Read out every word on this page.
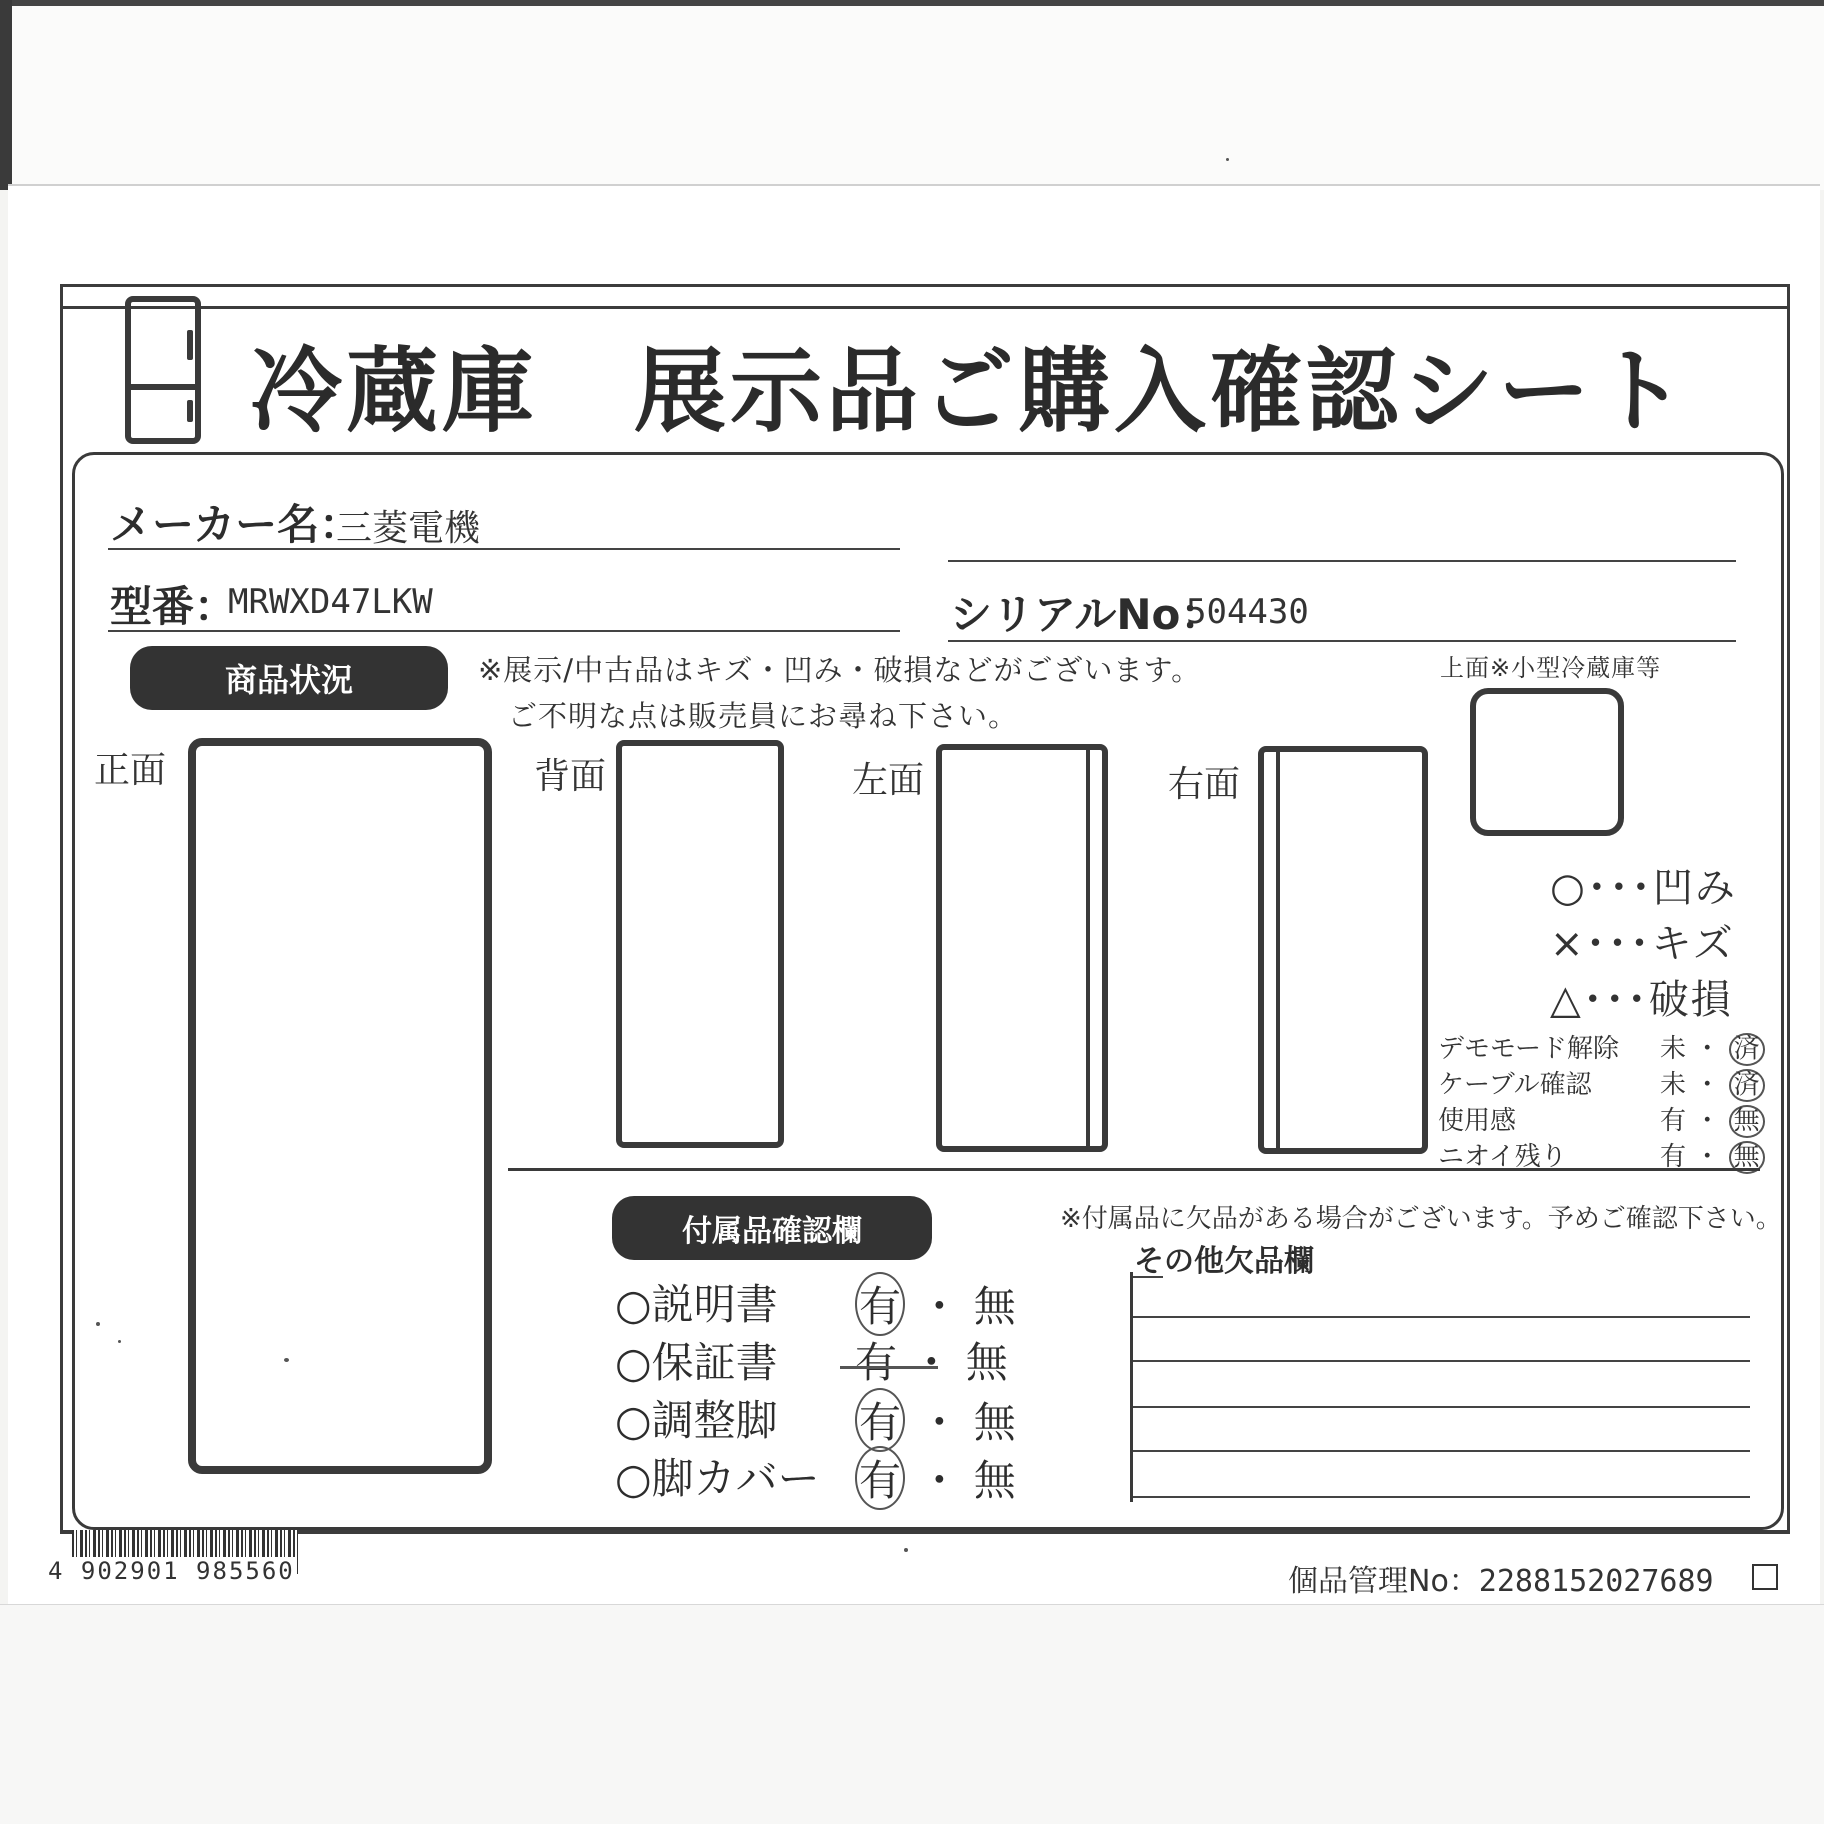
冷蔵庫　展示品ご購入確認シート
メーカー名：
三菱電機
型番：
MRWXD47LKW	シリアルNo：
504430
商品状況	※展示/中古品はキズ・凹み・破損などがございます。
ご不明な点は販売員にお尋ね下さい。
正面	背面	左面	右面
上面※小型冷蔵庫等
○･･･凹み
×･･･キズ
△･･･破損
デモモード解除 未 ・ 済
ケーブル確認	未 ・ 済
使用感	有 ・ 無
ニオイ残り	有 ・ 無
付属品確認欄	※付属品に欠品がある場合がございます。予めご確認下さい。
その他欠品欄
○説明書 有 ・ 無
○保証書 有 ・ 無
○調整脚 有 ・ 無
○脚カバー 有 ・ 無
4 902901 985560	個品管理No：2288152027689
